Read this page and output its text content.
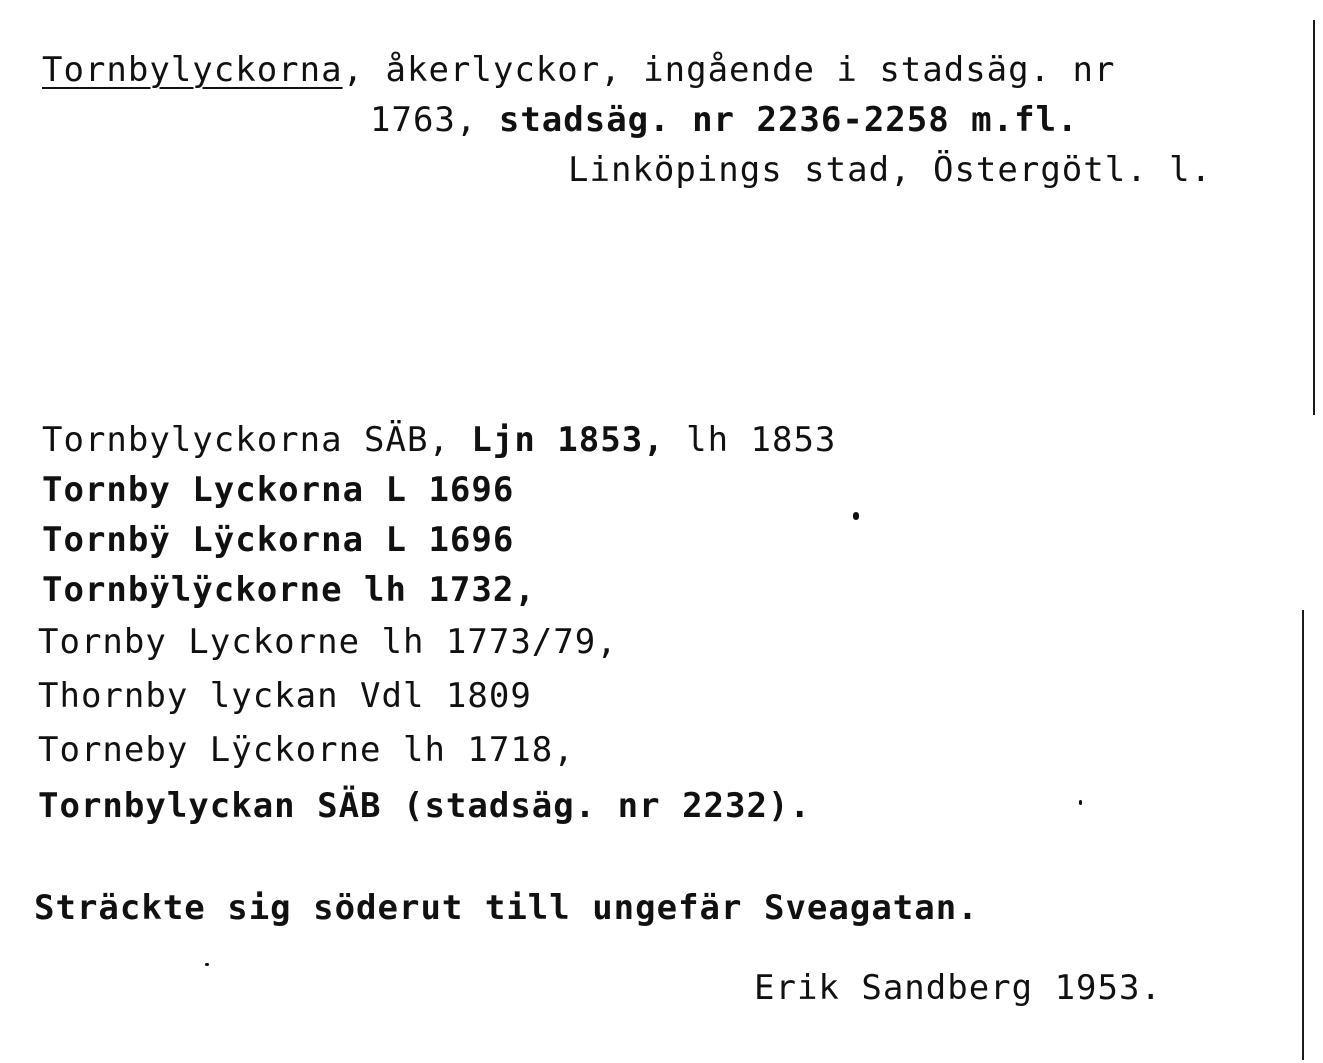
Tornbylyckorna, åkerlyckor, ingående i stadsäg. nr
1763, stadsäg. nr 2236-2258 m.fl.
Linköpings stad, Östergötl. l.
Tornbylyckorna SÄB, Ljn 1853, lh 1853
Tornby Lyckorna L 1696
Tornbÿ Lÿckorna L 1696
Tornbÿlÿckorne lh 1732,
Tornby Lyckorne lh 1773/79,
Thornby lyckan Vdl 1809
Torneby Lÿckorne lh 1718,
Tornbylyckan SÄB (stadsäg. nr 2232).
Sträckte sig söderut till ungefär Sveagatan.
Erik Sandberg 1953.
